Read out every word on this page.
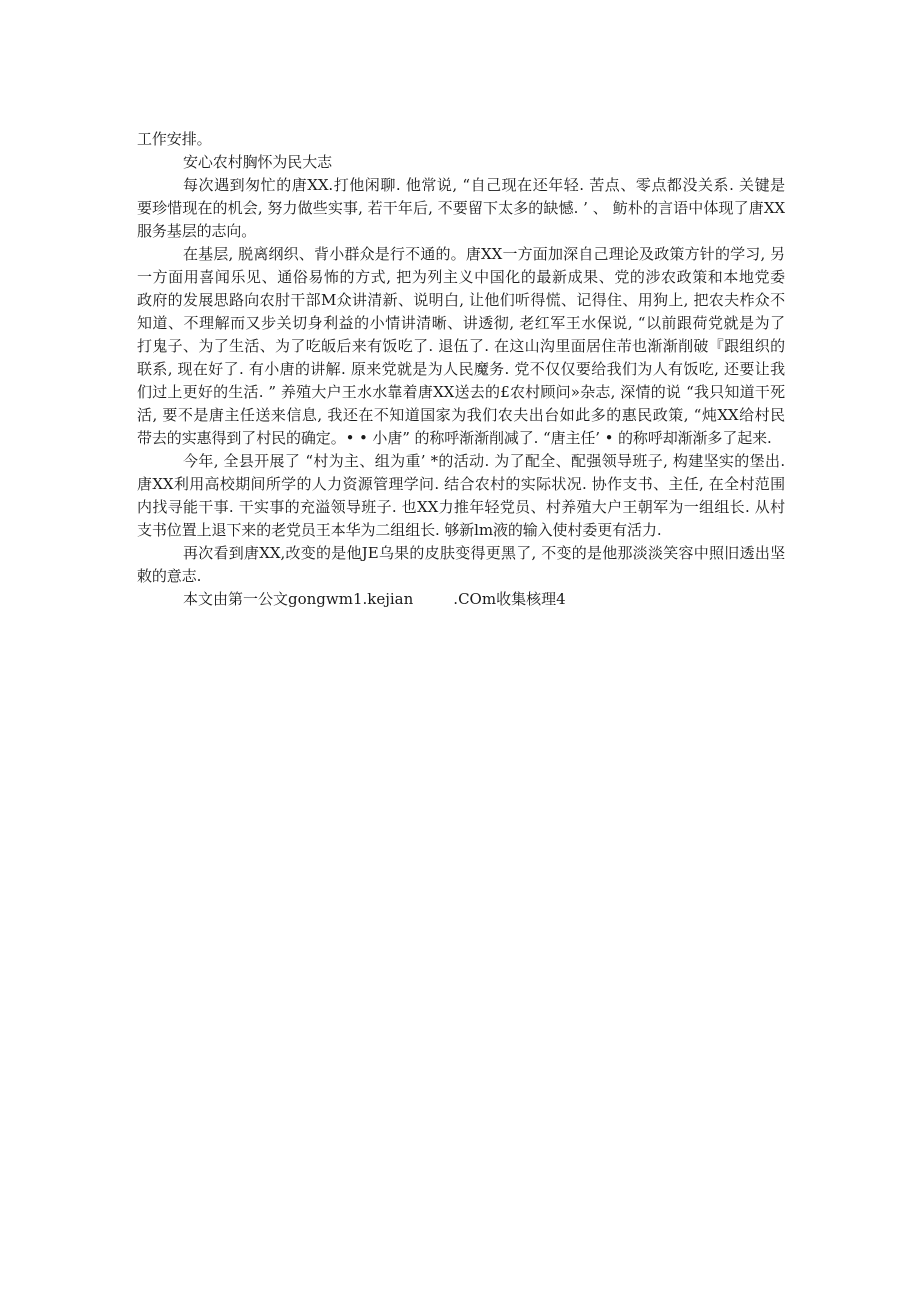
工作安排。
安心农村胸怀为民大志
每次遇到匆忙的唐XX.打他闲聊. 他常说, “自己现在还年轻. 苦点、零点都没关系. 关键是
要珍惜现在的机会, 努力做些实事, 若干年后, 不要留下太多的缺憾. ’ 、 鲂朴的言语中体现了唐XX
服务基层的志向。
在基层, 脱离纲织、背小群众是行不通的。唐XX一方面加深自己理论及政策方针的学习, 另
一方面用喜闻乐见、通俗易怖的方式, 把为列主义中国化的最新成果、党的涉农政策和本地党委
政府的发展思路向农肘干部M众讲清新、说明白, 让他们听得慌、记得住、用狗上, 把农夫柞众不
知道、不理解而又步关切身利益的小情讲清晰、讲透彻, 老红军王水保说, “以前跟荷党就是为了
打鬼子、为了生活、为了吃皈后来有饭吃了. 退伍了. 在这山沟里面居住芾也渐渐削破『跟组织的
联系, 现在好了. 有小唐的讲解. 原来党就是为人民魔务. 党不仅仅要给我们为人有饭吃, 还要让我
们过上更好的生活. ” 养殖大户王水水靠着唐XX送去的£农村顾问»杂志, 深情的说 “我只知道干死
活, 要不是唐主任送来信息, 我还在不知道国家为我们农夫出台如此多的惠民政策, “炖XX给村民
带去的实惠得到了村民的确定。• • 小唐” 的称呼渐渐削减了. “唐主任’ • 的称呼却渐渐多了起来.
今年, 全县开展了 “村为主、组为重’ *的活动. 为了配全、配强领导班子, 构建坚实的堡出.
唐XX利用高校期间所学的人力资源管理学问. 结合农村的实际状况. 协作支书、主任, 在全村范围
内找寻能干事. 干实事的充溢领导班子. 也XX力推年轻党员、村养殖大户王朝军为一组组长. 从村
支书位置上退下来的老党员王本华为二组组长. 够新lm液的输入使村委更有活力.
再次看到唐XX,改变的是他JE乌果的皮肤变得更黑了, 不变的是他那淡淡笑容中照旧透出坚
敕的意志.
本文由第一公文gongwm1.kejian	.COm收集核理4
